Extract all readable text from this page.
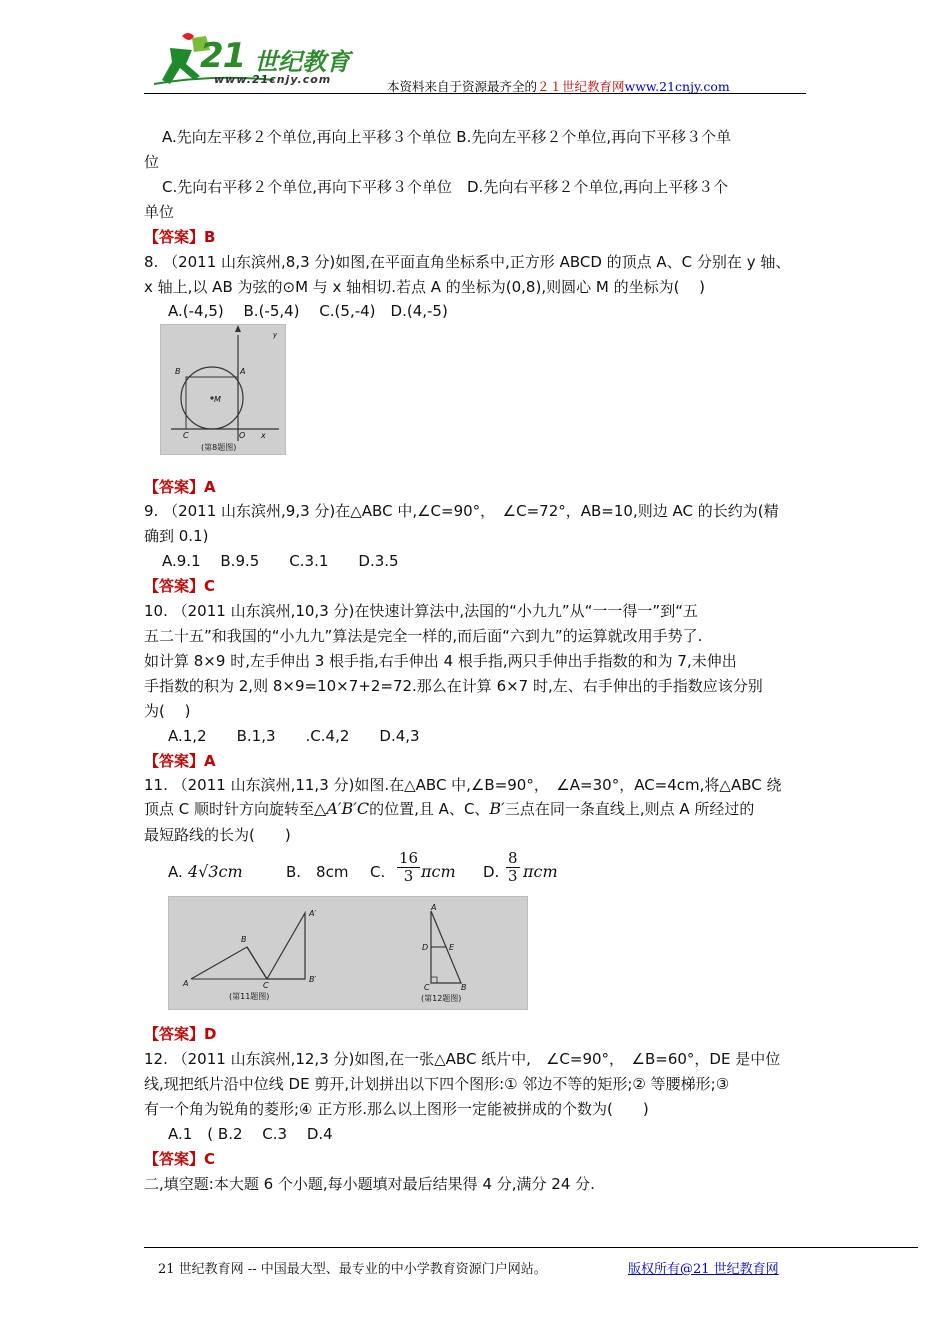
21 世纪教育
www.21cnjy.com	本资料来自于资源最齐全的２１世纪教育网www.21cnjy.com
A.先向左平移２个单位,再向上平移３个单位 B.先向左平移２个单位,再向下平移３个单
位
C.先向右平移２个单位,再向下平移３个单位　D.先向右平移２个单位,再向上平移３个
单位
【答案】B
8. （2011 山东滨州,8,3 分)如图,在平面直角坐标系中,正方形 ABCD 的顶点 A、C 分别在 y 轴、
x 轴上,以 AB 为弦的⊙M 与 x 轴相切.若点 A 的坐标为(0,8),则圆心 M 的坐标为(　 )
A.(-4,5)　 B.(-5,4)　 C.(5,-4)　D.(4,-5)
y
A
B
M
C	O x
(第8题图)
【答案】A
9. （2011 山东滨州,9,3 分)在△ABC 中,∠C=90°，　∠C=72°，AB=10,则边 AC 的长约为(精
确到 0.1)
A.9.1　 B.9.5　　C.3.1　　D.3.5
【答案】C
10. （2011 山东滨州,10,3 分)在快速计算法中,法国的“小九九”从“一一得一”到“五
五二十五”和我国的“小九九”算法是完全一样的,而后面“六到九”的运算就改用手势了.
如计算 8×9 时,左手伸出 3 根手指,右手伸出 4 根手指,两只手伸出手指数的和为 7,未伸出
手指数的积为 2,则 8×9=10×7+2=72.那么在计算 6×7 时,左、右手伸出的手指数应该分别
为(　 )
A.1,2　　B.1,3　　.C.4,2　　D.4,3
【答案】A
11. （2011 山东滨州,11,3 分)如图.在△ABC 中,∠B=90°，　∠A=30°，AC=4cm,将△ABC 绕
顶点 C 顺时针方向旋转至△A′B′C的位置,且 A、C、B′三点在同一条直线上,则点 A 所经过的
最短路线的长为(　　)
A. 4√3cm	B.　8cm C. $\frac{16}{3}$ πcm D. $\frac{8}{3}$ πcm
A
B
C
A′
B′
(第11题图)
A
D	E
C	B
(第12题图)
【答案】D
12. （2011 山东滨州,12,3 分)如图,在一张△ABC 纸片中,　∠C=90°，　∠B=60°，DE 是中位
线,现把纸片沿中位线 DE 剪开,计划拼出以下四个图形:① 邻边不等的矩形;② 等腰梯形;③
有一个角为锐角的菱形;④ 正方形.那么以上图形一定能被拼成的个数为(　　)
A.1　( B.2　 C.3　 D.4
【答案】C
二,填空题:本大题 6 个小题,每小题填对最后结果得 4 分,满分 24 分.
21 世纪教育网 -- 中国最大型、最专业的中小学教育资源门户网站。	版权所有@21 世纪教育网
